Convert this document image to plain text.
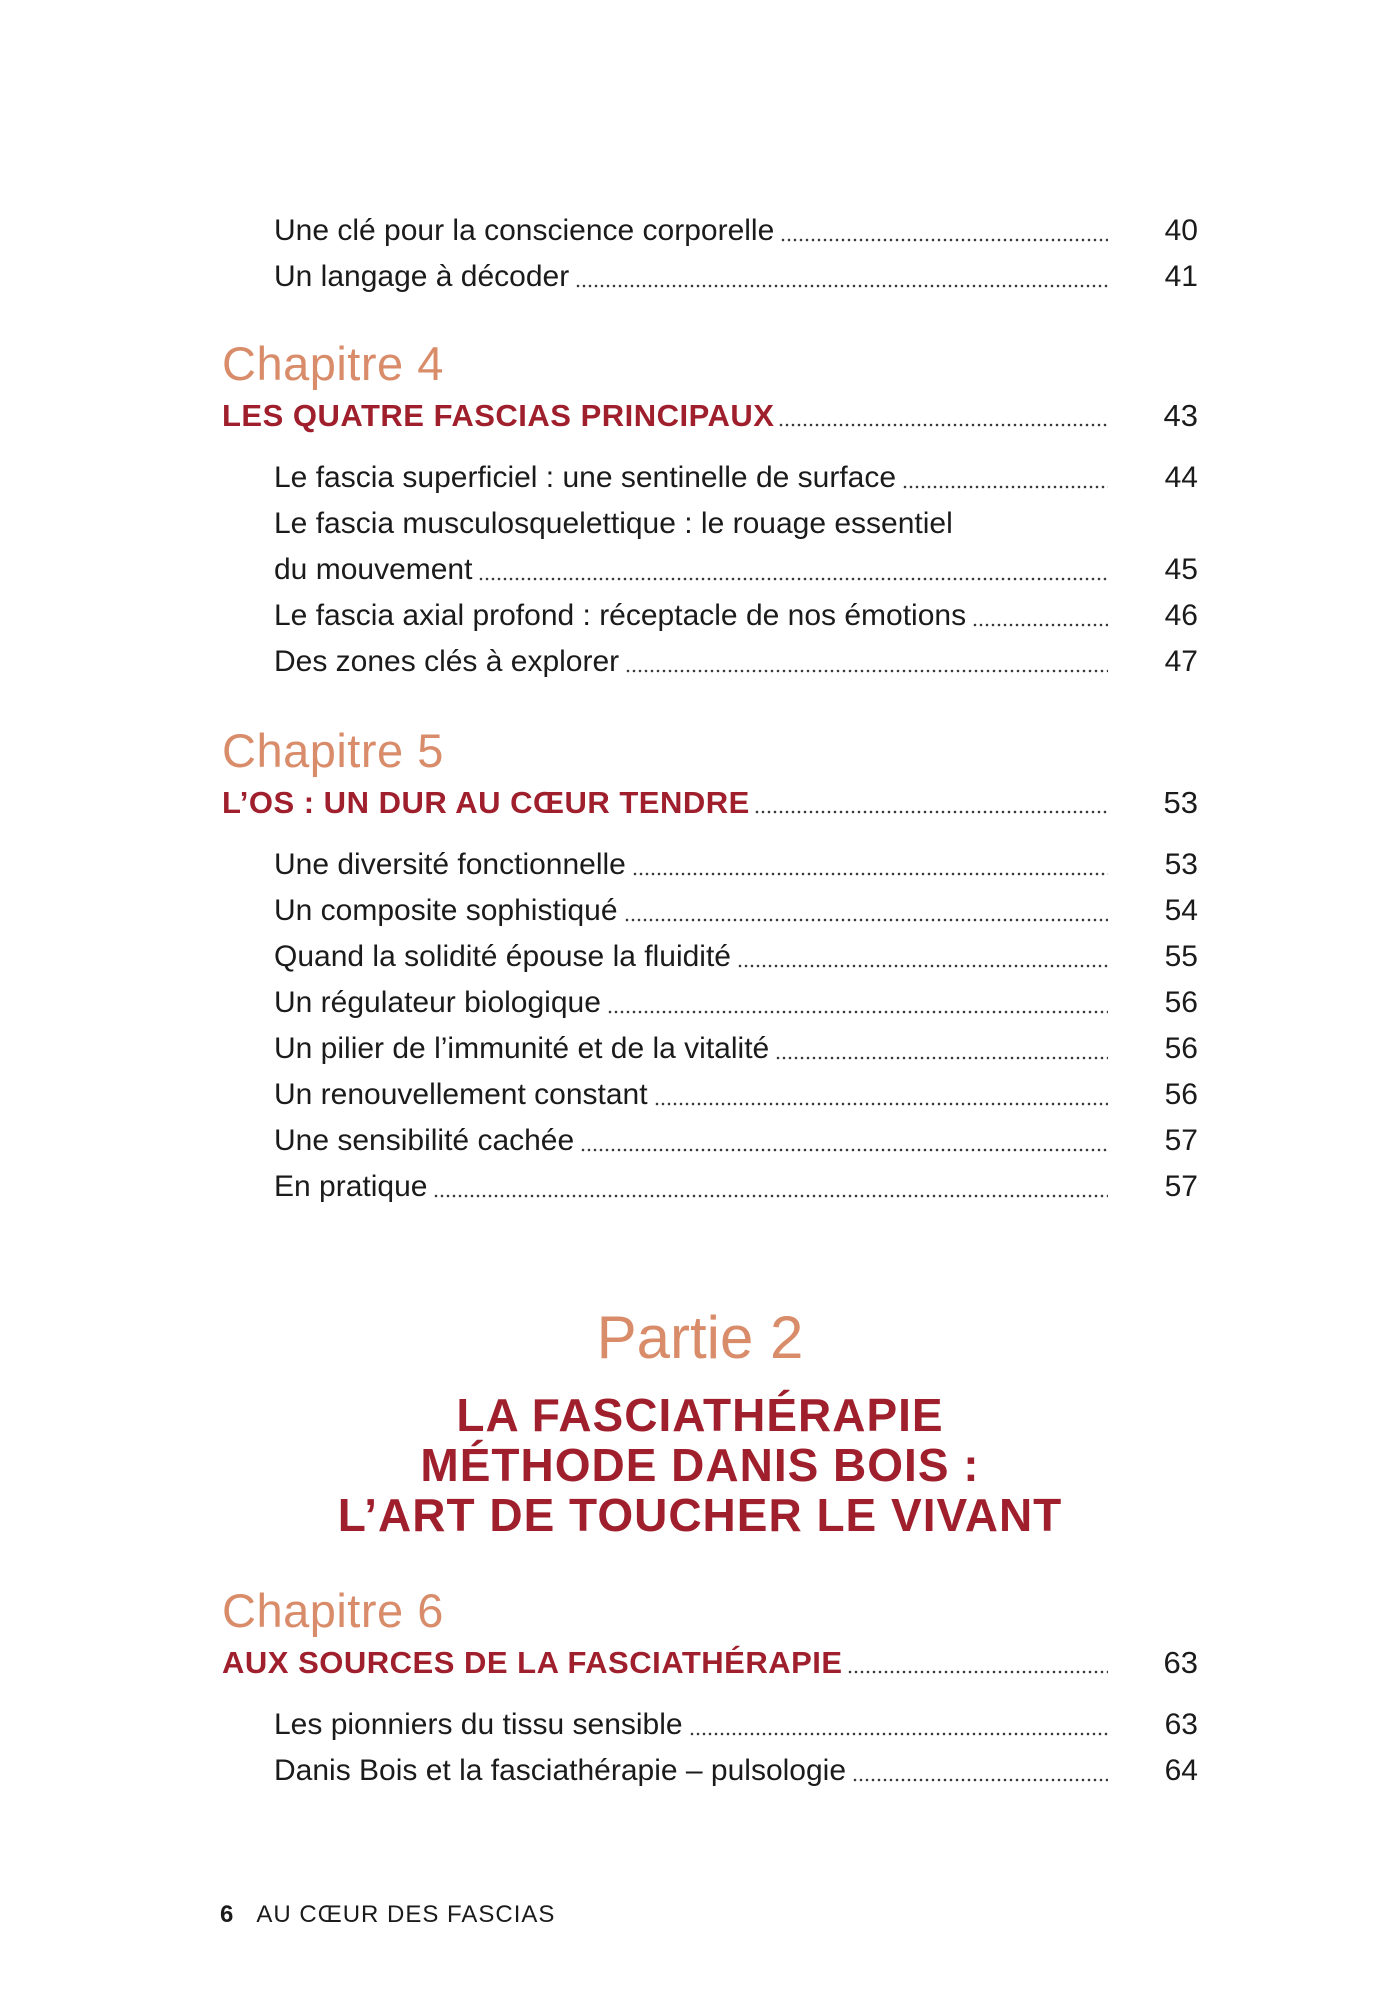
Une clé pour la conscience corporelle	40
Un langage à décoder	41
Chapitre 4
LES QUATRE FASCIAS PRINCIPAUX	43
Le fascia superficiel : une sentinelle de surface	44
Le fascia musculosquelettique : le rouage essentiel
du mouvement	45
Le fascia axial profond : réceptacle de nos émotions	46
Des zones clés à explorer	47
Chapitre 5
L’OS : UN DUR AU CŒUR TENDRE	53
Une diversité fonctionnelle	53
Un composite sophistiqué	54
Quand la solidité épouse la fluidité	55
Un régulateur biologique	56
Un pilier de l’immunité et de la vitalité	56
Un renouvellement constant	56
Une sensibilité cachée	57
En pratique	57
Partie 2
LA FASCIATHÉRAPIE
MÉTHODE DANIS BOIS :
L’ART DE TOUCHER LE VIVANT
Chapitre 6
AUX SOURCES DE LA FASCIATHÉRAPIE	63
Les pionniers du tissu sensible	63
Danis Bois et la fasciathérapie – pulsologie	64
6 AU CŒUR DES FASCIAS
